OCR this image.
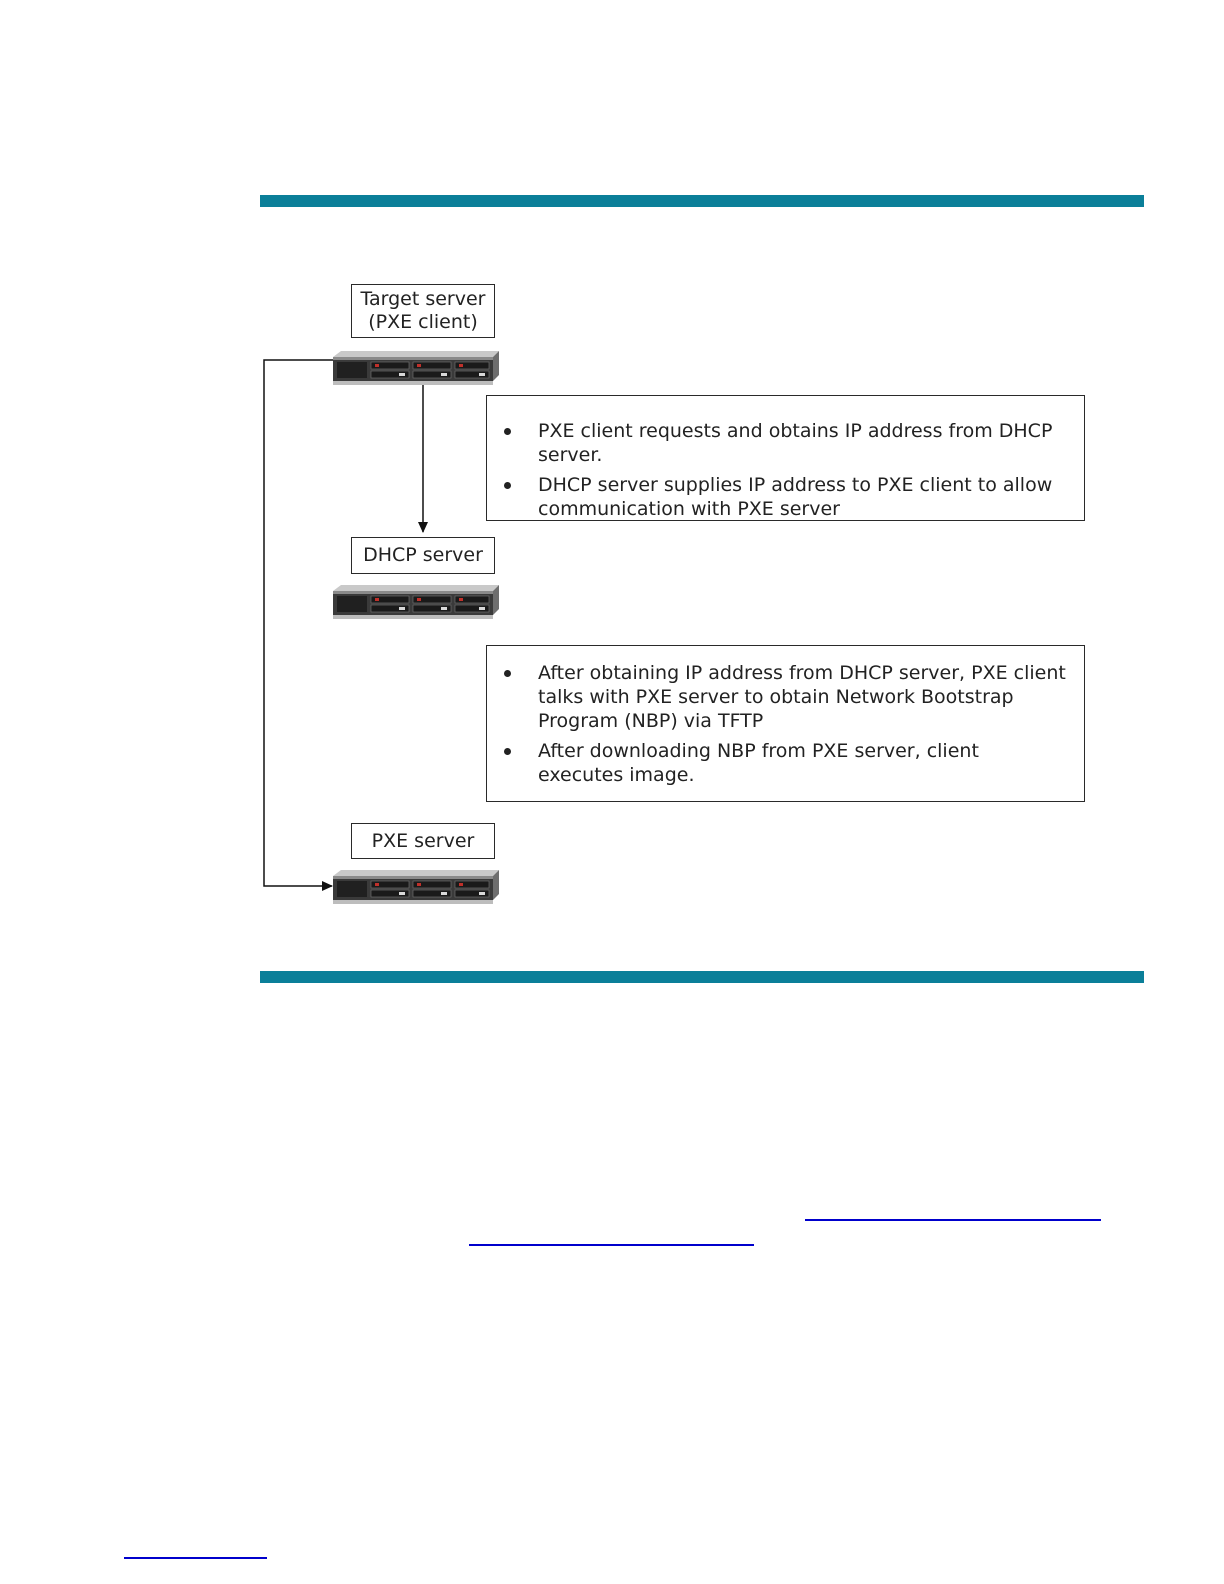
Target server
(PXE client)
PXE client requests and obtains IP address from DHCP server.
DHCP server supplies IP address to PXE client to allow communication with PXE server
DHCP server
After obtaining IP address from DHCP server, PXE client talks with PXE server to obtain Network Bootstrap Program (NBP) via TFTP
After downloading NBP from PXE server, client executes image.
PXE server
